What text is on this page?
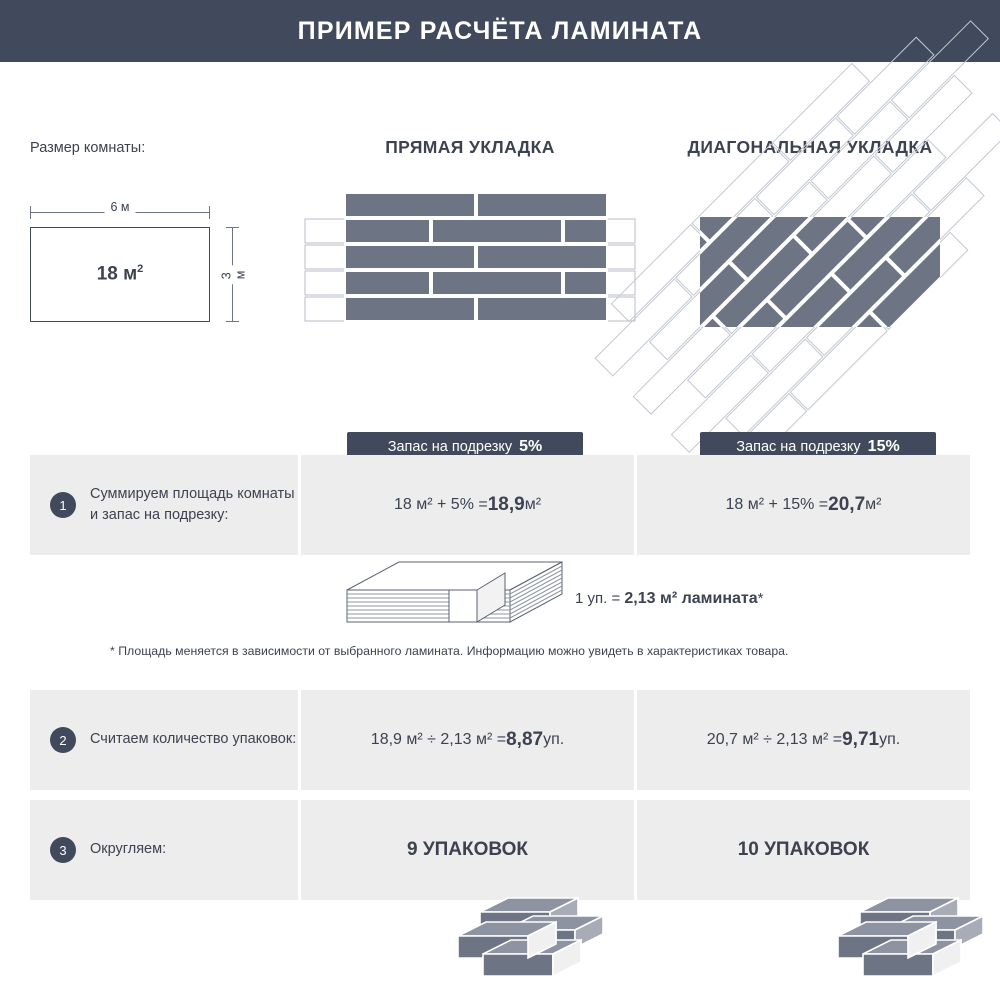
ПРИМЕР РАСЧЁТА ЛАМИНАТА
Размер комнаты:
6 м
18 $м^2$	3 м
ПРЯМАЯ УКЛАДКА	ДИАГОНАЛЬНАЯ УКЛАДКА
Запас на подрезку 5%	Запас на подрезку 15%
1
Суммируем площадь комнаты и запас на подрезку:
18 м² + 5% = 18,9 м²	18 м² + 15% = 20,7 м²
1 уп. = 2,13 м² ламината*
* Площадь меняется в зависимости от выбранного ламината. Информацию можно увидеть в характеристиках товара.
2	Считаем количество упаковок:	18,9 м² ÷ 2,13 м² = 8,87 уп.	20,7 м² ÷ 2,13 м² = 9,71 уп.
3	Округляем:	9 УПАКОВОК	10 УПАКОВОК
